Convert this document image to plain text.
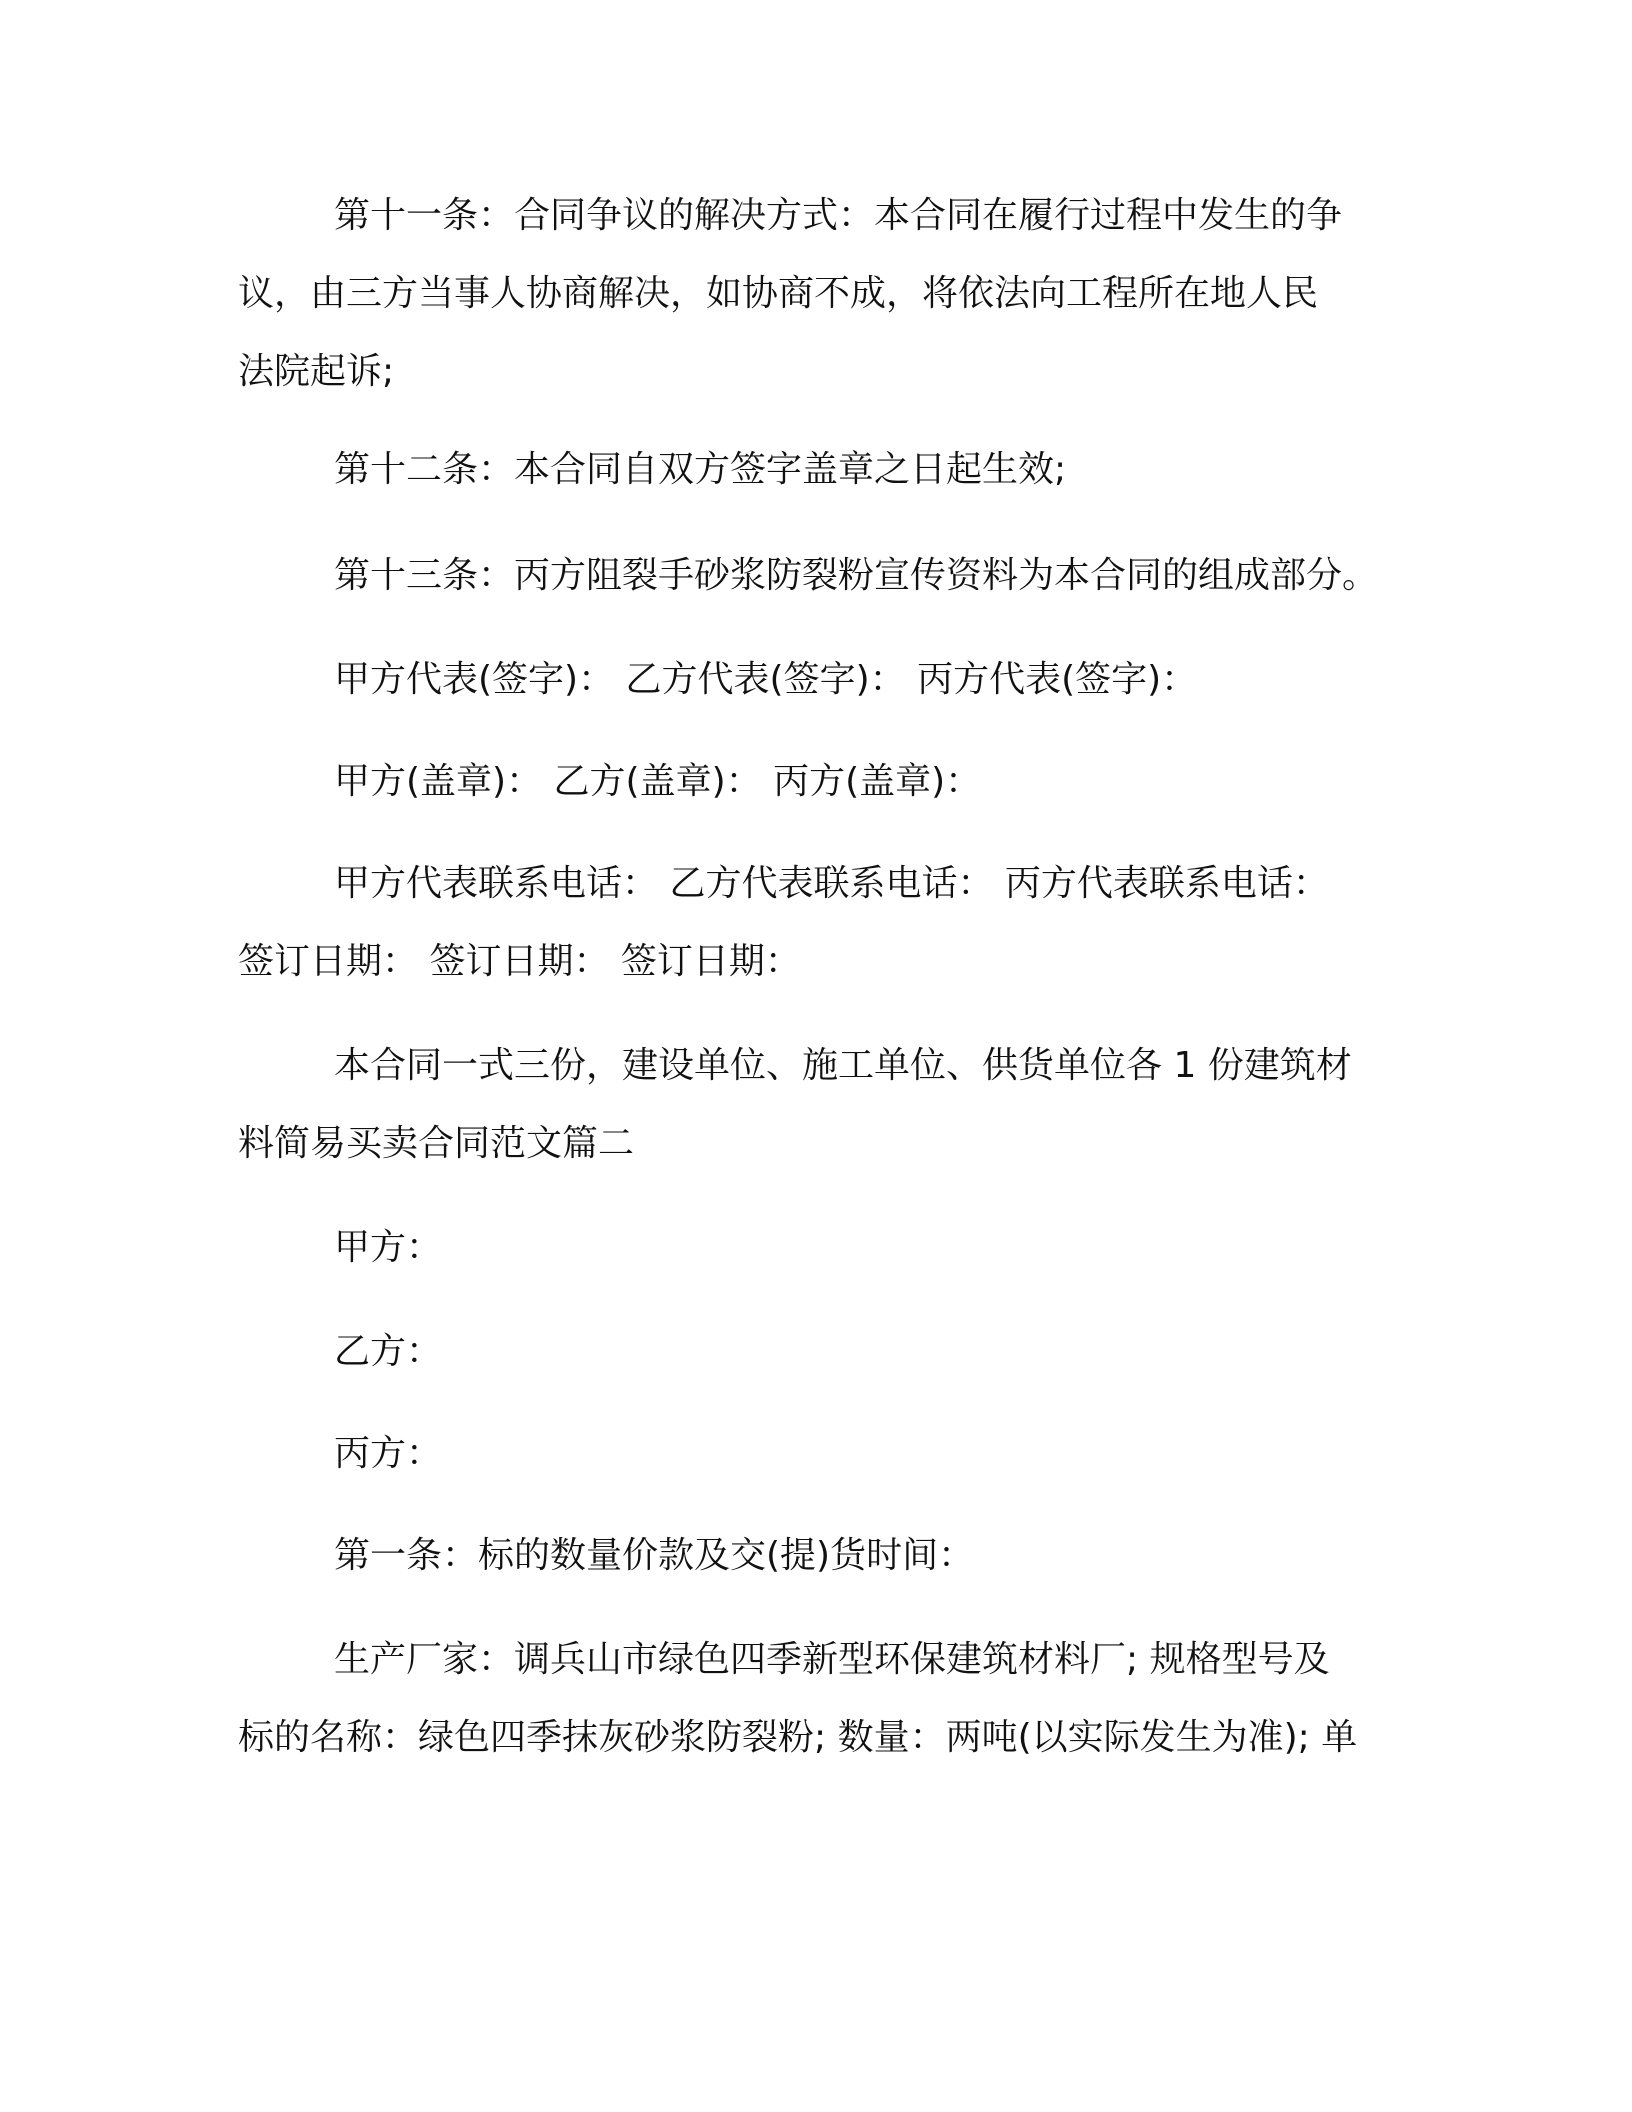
第十一条：合同争议的解决方式：本合同在履行过程中发生的争
议，由三方当事人协商解决，如协商不成，将依法向工程所在地人民
法院起诉;
第十二条：本合同自双方签字盖章之日起生效;
第十三条：丙方阻裂手砂浆防裂粉宣传资料为本合同的组成部分。
甲方代表(签字)： 乙方代表(签字)： 丙方代表(签字)：
甲方(盖章)： 乙方(盖章)： 丙方(盖章)：
甲方代表联系电话： 乙方代表联系电话： 丙方代表联系电话：
签订日期： 签订日期： 签订日期：
本合同一式三份，建设单位、施工单位、供货单位各 1 份建筑材
料简易买卖合同范文篇二
甲方：
乙方：
丙方：
第一条：标的数量价款及交(提)货时间：
生产厂家：调兵山市绿色四季新型环保建筑材料厂; 规格型号及
标的名称：绿色四季抹灰砂浆防裂粉; 数量：两吨(以实际发生为准); 单
